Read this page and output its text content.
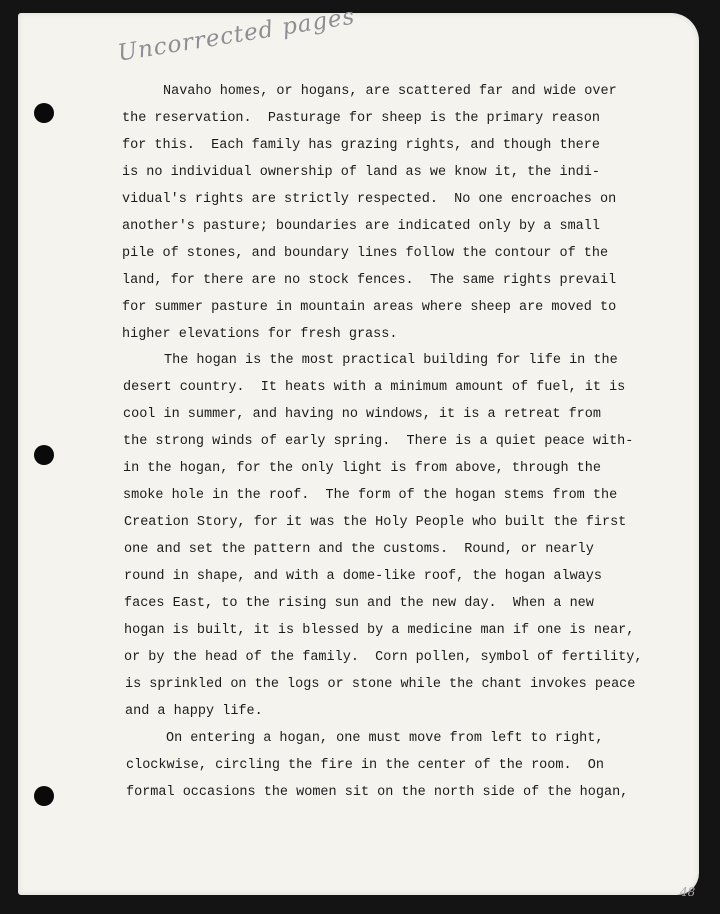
Uncorrected pages
Navaho homes, or hogans, are scattered far and wide over
the reservation.  Pasturage for sheep is the primary reason
for this.  Each family has grazing rights, and though there
is no individual ownership of land as we know it, the indi-
vidual's rights are strictly respected.  No one encroaches on
another's pasture; boundaries are indicated only by a small
pile of stones, and boundary lines follow the contour of the
land, for there are no stock fences.  The same rights prevail
for summer pasture in mountain areas where sheep are moved to
higher elevations for fresh grass.
The hogan is the most practical building for life in the
desert country.  It heats with a minimum amount of fuel, it is
cool in summer, and having no windows, it is a retreat from
the strong winds of early spring.  There is a quiet peace with-
in the hogan, for the only light is from above, through the
smoke hole in the roof.  The form of the hogan stems from the
Creation Story, for it was the Holy People who built the first
one and set the pattern and the customs.  Round, or nearly
round in shape, and with a dome-like roof, the hogan always
faces East, to the rising sun and the new day.  When a new
hogan is built, it is blessed by a medicine man if one is near,
or by the head of the family.  Corn pollen, symbol of fertility,
is sprinkled on the logs or stone while the chant invokes peace
and a happy life.
On entering a hogan, one must move from left to right,
clockwise, circling the fire in the center of the room.  On
formal occasions the women sit on the north side of the hogan,
48
